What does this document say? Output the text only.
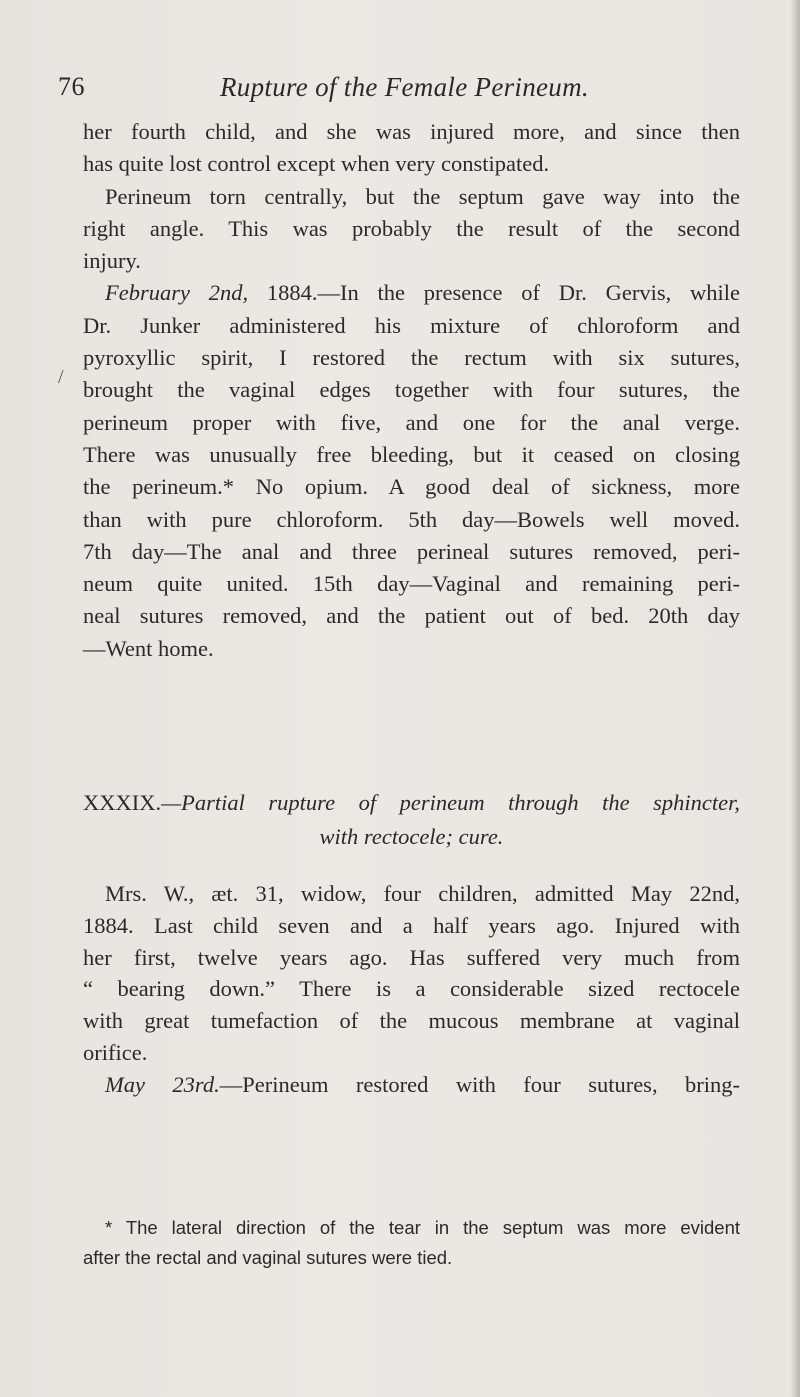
76	Rupture of the Female Perineum.
her fourth child, and she was injured more, and since then
has quite lost control except when very constipated.
Perineum torn centrally, but the septum gave way into the
right angle. This was probably the result of the second
injury.
February 2nd, 1884.—In the presence of Dr. Gervis, while
Dr. Junker administered his mixture of chloroform and
pyroxyllic spirit, I restored the rectum with six sutures,
brought the vaginal edges together with four sutures, the
perineum proper with five, and one for the anal verge.
There was unusually free bleeding, but it ceased on closing
the perineum.* No opium. A good deal of sickness, more
than with pure chloroform. 5th day—Bowels well moved.
7th day—The anal and three perineal sutures removed, peri-
neum quite united. 15th day—Vaginal and remaining peri-
neal sutures removed, and the patient out of bed. 20th day
—Went home.
/
XXXIX.—Partial rupture of perineum through the sphincter,
with rectocele; cure.
Mrs. W., æt. 31, widow, four children, admitted May 22nd,
1884. Last child seven and a half years ago. Injured with
her first, twelve years ago. Has suffered very much from
“ bearing down.” There is a considerable sized rectocele
with great tumefaction of the mucous membrane at vaginal
orifice.
May 23rd.—Perineum restored with four sutures, bring-
* The lateral direction of the tear in the septum was more evident
after the rectal and vaginal sutures were tied.
